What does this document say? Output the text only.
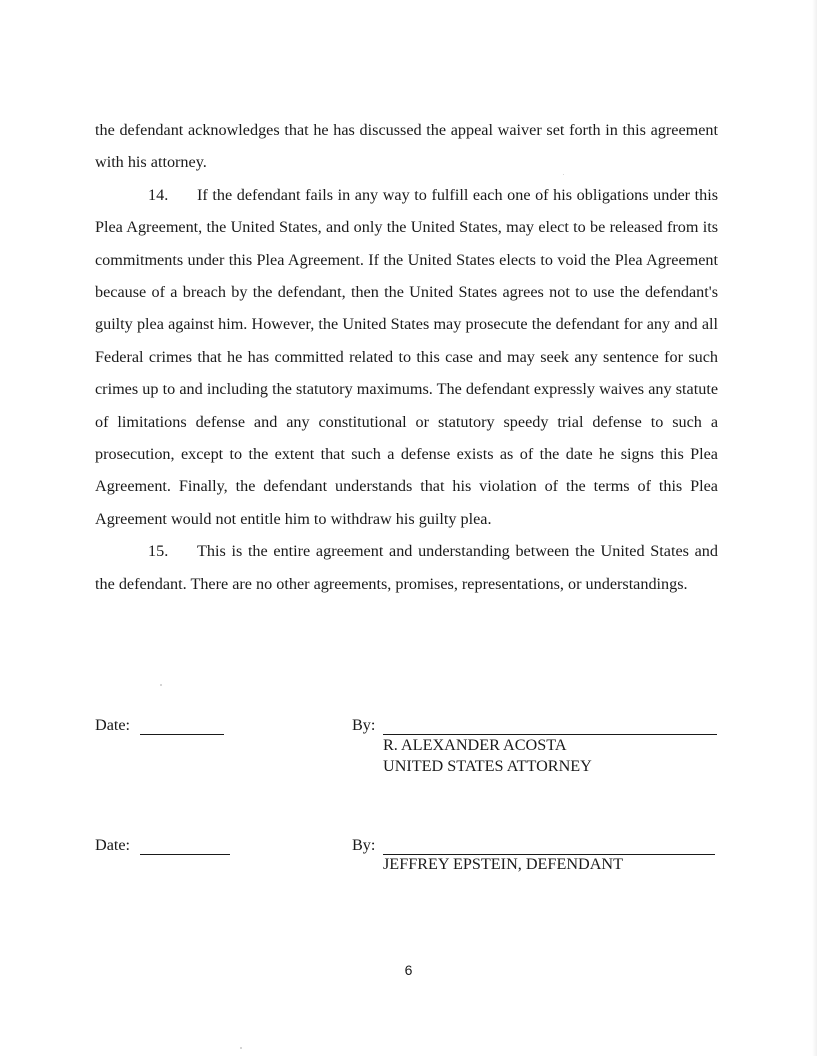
the defendant acknowledges that he has discussed the appeal waiver set forth in this agreement with his attorney.

14. If the defendant fails in any way to fulfill each one of his obligations under this Plea Agreement, the United States, and only the United States, may elect to be released from its commitments under this Plea Agreement. If the United States elects to void the Plea Agreement because of a breach by the defendant, then the United States agrees not to use the defendant's guilty plea against him. However, the United States may prosecute the defendant for any and all Federal crimes that he has committed related to this case and may seek any sentence for such crimes up to and including the statutory maximums. The defendant expressly waives any statute of limitations defense and any constitutional or statutory speedy trial defense to such a prosecution, except to the extent that such a defense exists as of the date he signs this Plea Agreement. Finally, the defendant understands that his violation of the terms of this Plea Agreement would not entitle him to withdraw his guilty plea.

15. This is the entire agreement and understanding between the United States and the defendant. There are no other agreements, promises, representations, or understandings.

Date:	By:
R. ALEXANDER ACOSTA
UNITED STATES ATTORNEY
Date:	By:
JEFFREY EPSTEIN, DEFENDANT
6
